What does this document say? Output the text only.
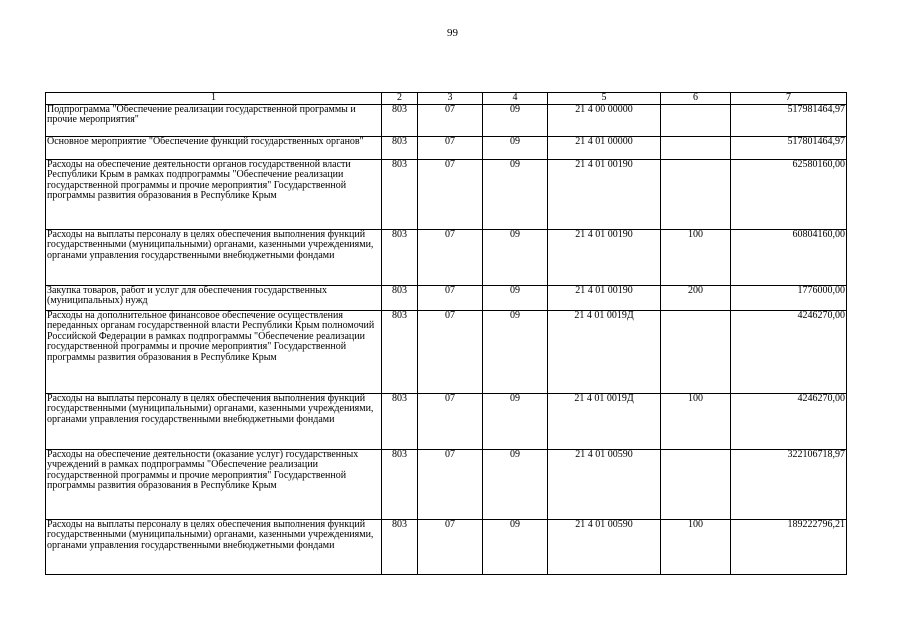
99
1	2	3	4	5	6	7
Подпрограмма "Обеспечение реализации государственной программы и прочие мероприятия"	803	07	09	21 4 00 00000		517981464,97
Основное мероприятие "Обеспечение функций государственных органов"	803	07	09	21 4 01 00000		517801464,97
Расходы на обеспечение деятельности органов государственной власти Республики Крым в рамках подпрограммы "Обеспечение реализации государственной программы и прочие мероприятия" Государственной программы развития образования в Республике Крым	803	07	09	21 4 01 00190		62580160,00
Расходы на выплаты персоналу в целях обеспечения выполнения функций государственными (муниципальными) органами, казенными учреждениями, органами управления государственными внебюджетными фондами	803	07	09	21 4 01 00190	100	60804160,00
Закупка товаров, работ и услуг для обеспечения государственных (муниципальных) нужд	803	07	09	21 4 01 00190	200	1776000,00
Расходы на дополнительное финансовое обеспечение осуществления переданных органам государственной власти Республики Крым полномочий Российской Федерации в рамках подпрограммы "Обеспечение реализации государственной программы и прочие мероприятия" Государственной программы развития образования в Республике Крым	803	07	09	21 4 01 0019Д		4246270,00
Расходы на выплаты персоналу в целях обеспечения выполнения функций государственными (муниципальными) органами, казенными учреждениями, органами управления государственными внебюджетными фондами	803	07	09	21 4 01 0019Д	100	4246270,00
Расходы на обеспечение деятельности (оказание услуг) государственных учреждений в рамках подпрограммы "Обеспечение реализации государственной программы и прочие мероприятия" Государственной программы развития образования в Республике Крым	803	07	09	21 4 01 00590		322106718,97
Расходы на выплаты персоналу в целях обеспечения выполнения функций государственными (муниципальными) органами, казенными учреждениями, органами управления государственными внебюджетными фондами	803	07	09	21 4 01 00590	100	189222796,21
